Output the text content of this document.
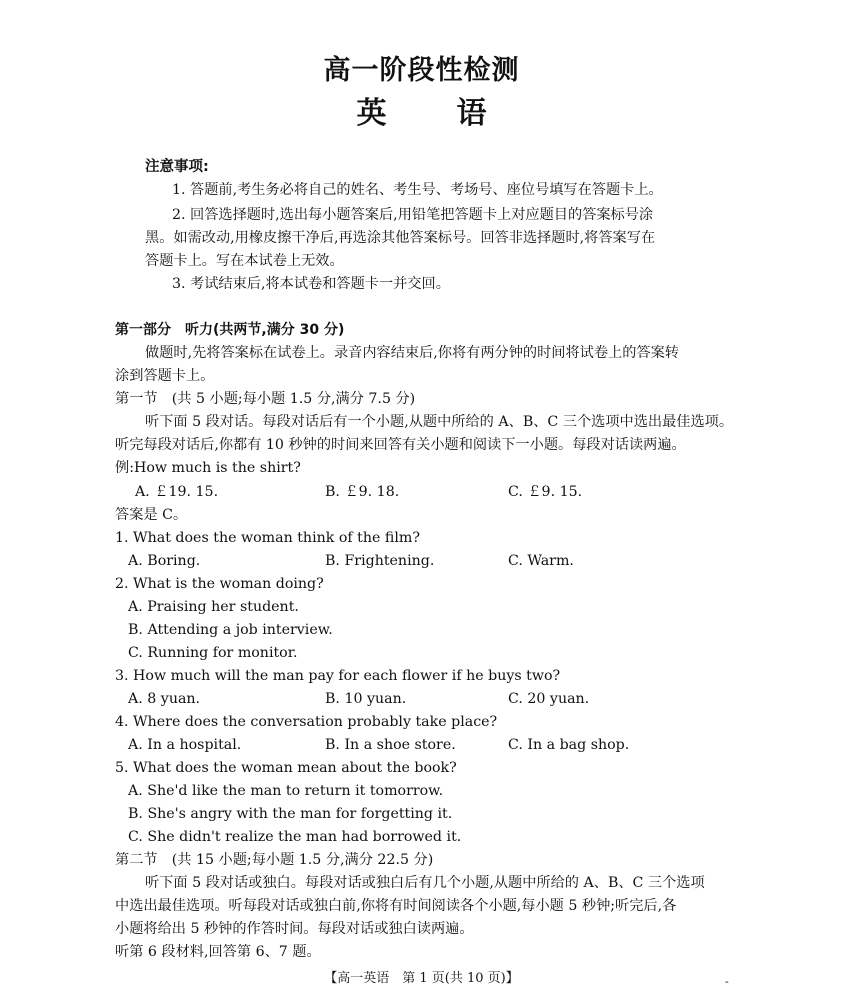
高一阶段性检测
英 语
注意事项:
1. 答题前,考生务必将自己的姓名、考生号、考场号、座位号填写在答题卡上。
2. 回答选择题时,选出每小题答案后,用铅笔把答题卡上对应题目的答案标号涂
黑。如需改动,用橡皮擦干净后,再选涂其他答案标号。回答非选择题时,将答案写在
答题卡上。写在本试卷上无效。
3. 考试结束后,将本试卷和答题卡一并交回。
第一部分　听力(共两节,满分 30 分)
做题时,先将答案标在试卷上。录音内容结束后,你将有两分钟的时间将试卷上的答案转
涂到答题卡上。
第一节　(共 5 小题;每小题 1.5 分,满分 7.5 分)
听下面 5 段对话。每段对话后有一个小题,从题中所给的 A、B、C 三个选项中选出最佳选项。
听完每段对话后,你都有 10 秒钟的时间来回答有关小题和阅读下一小题。每段对话读两遍。
例:How much is the shirt?
A. ￡19. 15.	B. ￡9. 18.	C. ￡9. 15.
答案是 C。
1. What does the woman think of the film?
A. Boring.	B. Frightening.	C. Warm.
2. What is the woman doing?
A. Praising her student.
B. Attending a job interview.
C. Running for monitor.
3. How much will the man pay for each flower if he buys two?
A. 8 yuan.	B. 10 yuan.	C. 20 yuan.
4. Where does the conversation probably take place?
A. In a hospital.	B. In a shoe store.	C. In a bag shop.
5. What does the woman mean about the book?
A. She'd like the man to return it tomorrow.
B. She's angry with the man for forgetting it.
C. She didn't realize the man had borrowed it.
第二节　(共 15 小题;每小题 1.5 分,满分 22.5 分)
听下面 5 段对话或独白。每段对话或独白后有几个小题,从题中所给的 A、B、C 三个选项
中选出最佳选项。听每段对话或独白前,你将有时间阅读各个小题,每小题 5 秒钟;听完后,各
小题将给出 5 秒钟的作答时间。每段对话或独白读两遍。
听第 6 段材料,回答第 6、7 题。
【高一英语　第 1 页(共 10 页)】	-
